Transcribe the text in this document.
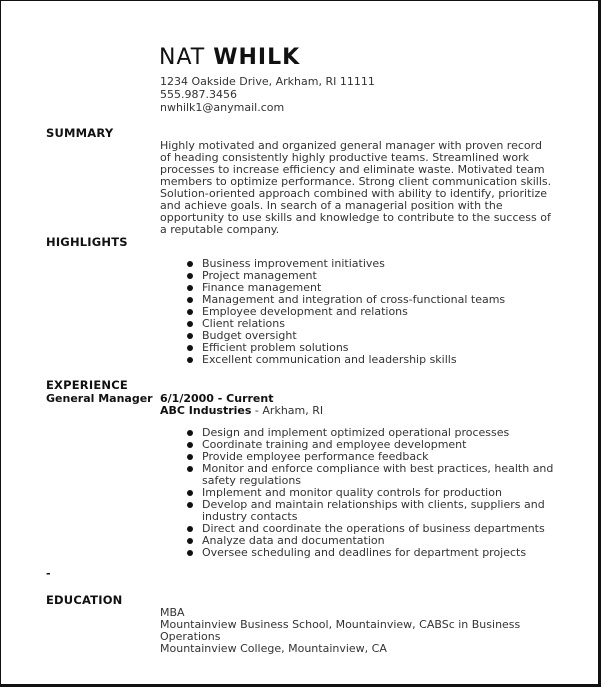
NAT WHILK
1234 Oakside Drive, Arkham, RI 11111
555.987.3456
nwhilk1@anymail.com
SUMMARY
Highly motivated and organized general manager with proven record of heading consistently highly productive teams. Streamlined work processes to increase efficiency and eliminate waste. Motivated team members to optimize performance. Strong client communication skills. Solution-oriented approach combined with ability to identify, prioritize and achieve goals. In search of a managerial position with the opportunity to use skills and knowledge to contribute to the success of a reputable company.
HIGHLIGHTS
Business improvement initiatives
Project management
Finance management
Management and integration of cross-functional teams
Employee development and relations
Client relations
Budget oversight
Efficient problem solutions
Excellent communication and leadership skills
EXPERIENCE
General Manager 6/1/2000 - Current
ABC Industries - Arkham, RI
Design and implement optimized operational processes
Coordinate training and employee development
Provide employee performance feedback
Monitor and enforce compliance with best practices, health and safety regulations
Implement and monitor quality controls for production
Develop and maintain relationships with clients, suppliers and industry contacts
Direct and coordinate the operations of business departments
Analyze data and documentation
Oversee scheduling and deadlines for department projects
-
EDUCATION
MBA
Mountainview Business School, Mountainview, CABSc in Business Operations
Mountainview College, Mountainview, CA
